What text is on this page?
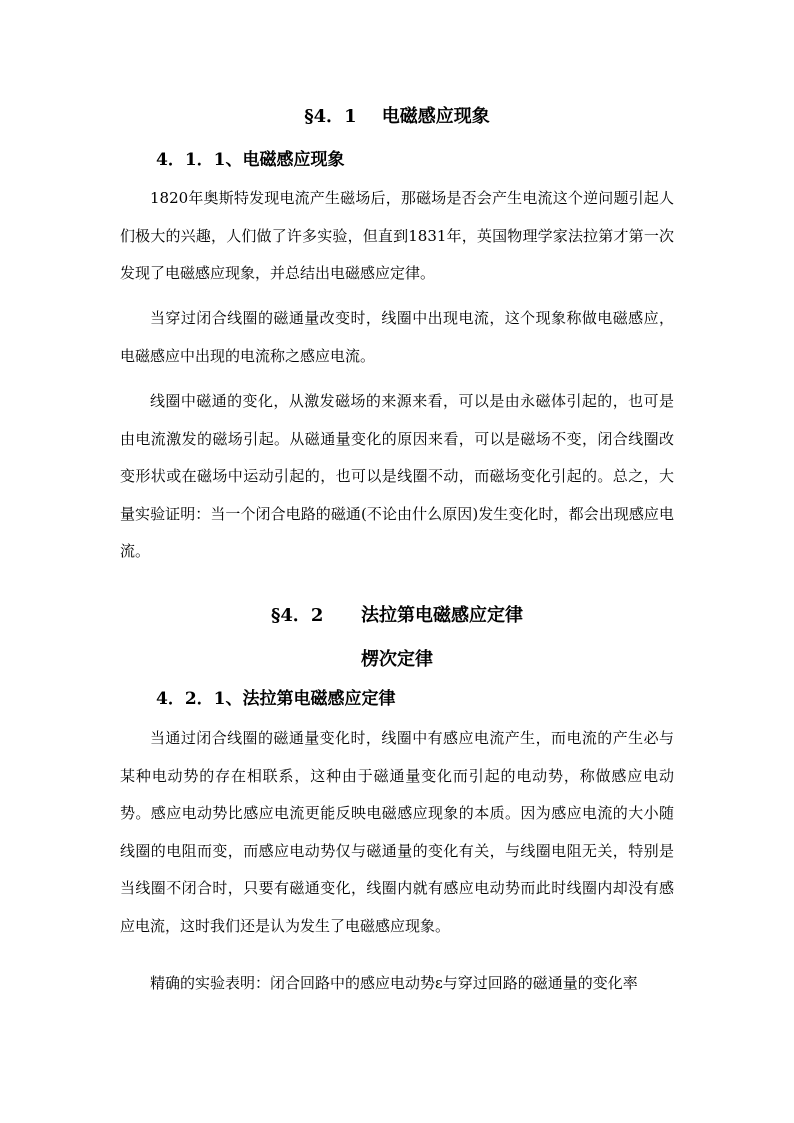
§4．1    电磁感应现象
4．1．1、电磁感应现象

1820年奥斯特发现电流产生磁场后，那磁场是否会产生电流这个逆问题引起人们极大的兴趣，人们做了许多实验，但直到1831年，英国物理学家法拉第才第一次发现了电磁感应现象，并总结出电磁感应定律。

当穿过闭合线圈的磁通量改变时，线圈中出现电流，这个现象称做电磁感应，电磁感应中出现的电流称之感应电流。

线圈中磁通的变化，从激发磁场的来源来看，可以是由永磁体引起的，也可是由电流激发的磁场引起。从磁通量变化的原因来看，可以是磁场不变，闭合线圈改变形状或在磁场中运动引起的，也可以是线圈不动，而磁场变化引起的。总之，大量实验证明：当一个闭合电路的磁通(不论由什么原因)发生变化时，都会出现感应电流。

§4．2      法拉第电磁感应定律
楞次定律
4．2．1、法拉第电磁感应定律

当通过闭合线圈的磁通量变化时，线圈中有感应电流产生，而电流的产生必与某种电动势的存在相联系，这种由于磁通量变化而引起的电动势，称做感应电动势。感应电动势比感应电流更能反映电磁感应现象的本质。因为感应电流的大小随线圈的电阻而变，而感应电动势仅与磁通量的变化有关，与线圈电阻无关，特别是当线圈不闭合时，只要有磁通变化，线圈内就有感应电动势而此时线圈内却没有感应电流，这时我们还是认为发生了电磁感应现象。

精确的实验表明：闭合回路中的感应电动势ε与穿过回路的磁通量的变化率
